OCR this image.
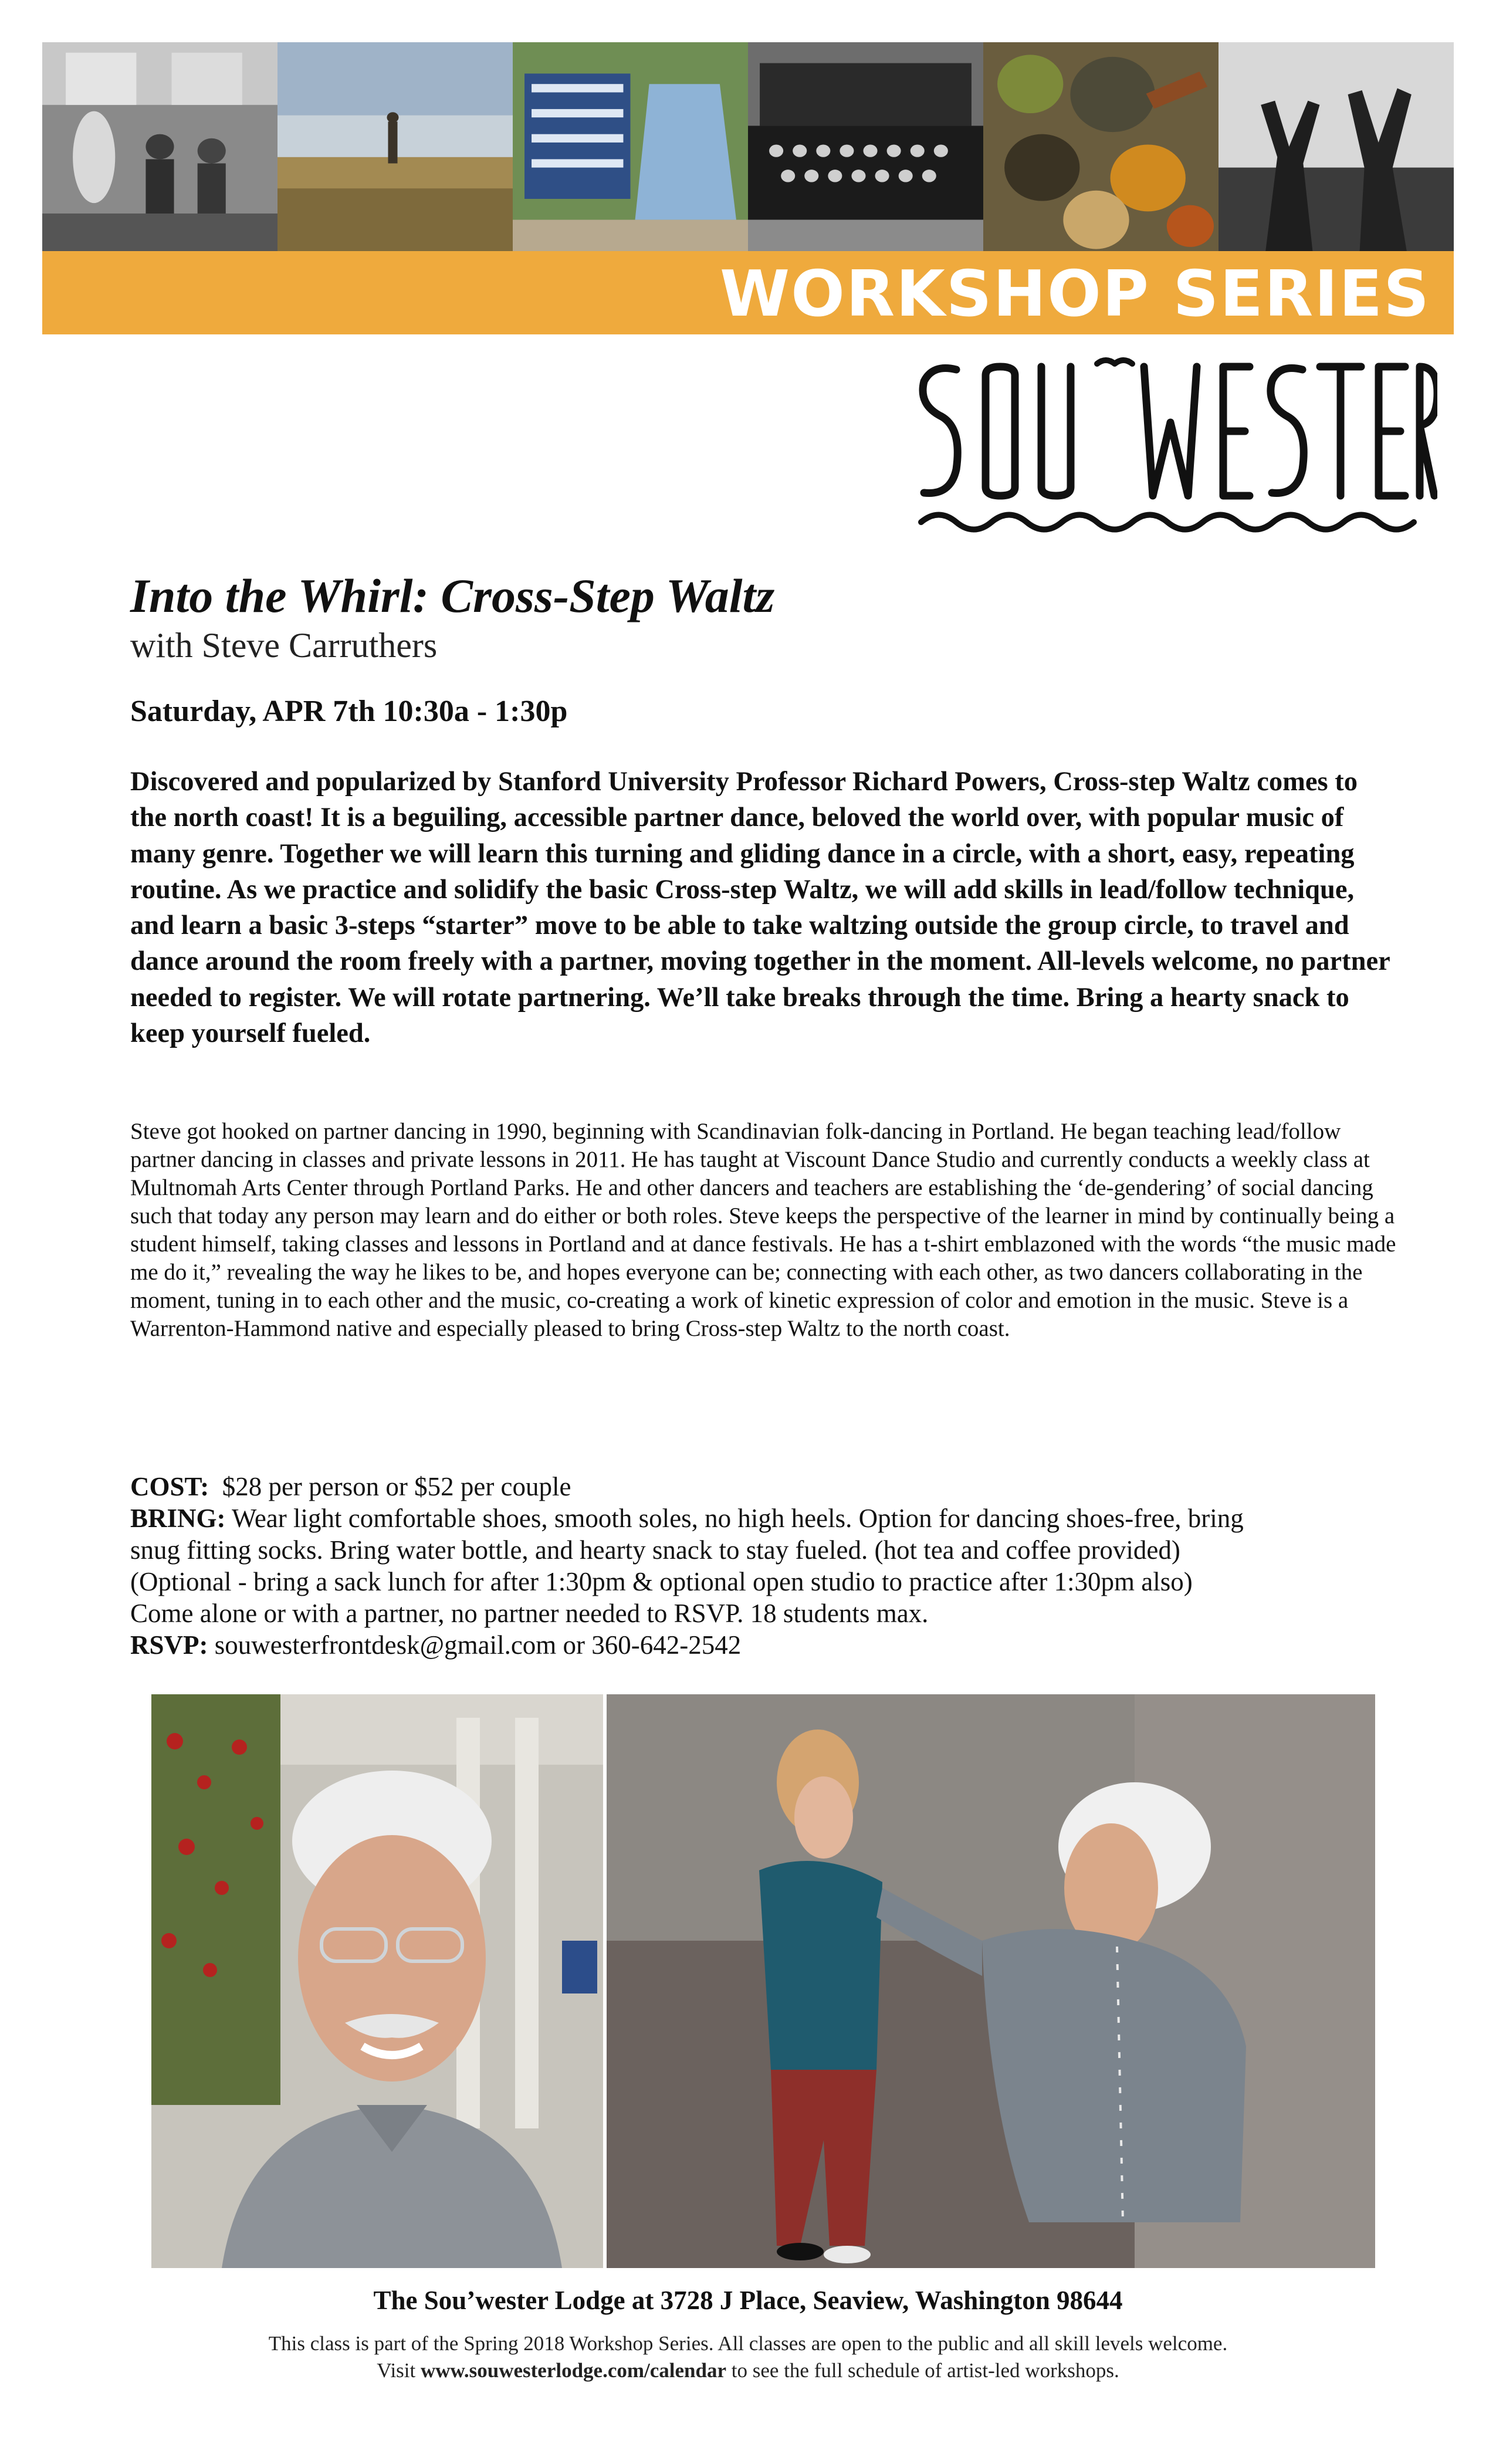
WORKSHOP SERIES
Into the Whirl: Cross-Step Waltz
with Steve Carruthers
Saturday, APR 7th 10:30a - 1:30p

Discovered and popularized by Stanford University Professor Richard Powers, Cross-step Waltz comes to the north coast! It is a beguiling, accessible partner dance, beloved the world over, with popular music of many genre. Together we will learn this turning and gliding dance in a circle, with a short, easy, repeating routine. As we practice and solidify the basic Cross-step Waltz, we will add skills in lead/follow technique, and learn a basic 3-steps “starter” move to be able to take waltzing outside the group circle, to travel and dance around the room freely with a partner, moving together in the moment. All-levels welcome, no partner needed to register. We will rotate partnering. We’ll take breaks through the time. Bring a hearty snack to keep yourself fueled.

Steve got hooked on partner dancing in 1990, beginning with Scandinavian folk-dancing in Portland. He began teaching lead/follow partner dancing in classes and private lessons in 2011. He has taught at Viscount Dance Studio and currently conducts a weekly class at Multnomah Arts Center through Portland Parks. He and other dancers and teachers are establishing the ‘de-gendering’ of social dancing such that today any person may learn and do either or both roles. Steve keeps the perspective of the learner in mind by continually being a student himself, taking classes and lessons in Portland and at dance festivals. He has a t-shirt emblazoned with the words “the music made me do it,” revealing the way he likes to be, and hopes everyone can be; connecting with each other, as two dancers collaborating in the moment, tuning in to each other and the music, co-creating a work of kinetic expression of color and emotion in the music. Steve is a Warrenton-Hammond native and especially pleased to bring Cross-step Waltz to the north coast.

COST: $28 per person or $52 per couple
BRING: Wear light comfortable shoes, smooth soles, no high heels. Option for dancing shoes-free, bring
snug fitting socks. Bring water bottle, and hearty snack to stay fueled. (hot tea and coffee provided)
(Optional - bring a sack lunch for after 1:30pm & optional open studio to practice after 1:30pm also)
Come alone or with a partner, no partner needed to RSVP. 18 students max.
RSVP: souwesterfrontdesk@gmail.com or 360-642-2542
The Sou’wester Lodge at 3728 J Place, Seaview, Washington 98644
This class is part of the Spring 2018 Workshop Series. All classes are open to the public and all skill levels welcome.
Visit www.souwesterlodge.com/calendar to see the full schedule of artist-led workshops.
